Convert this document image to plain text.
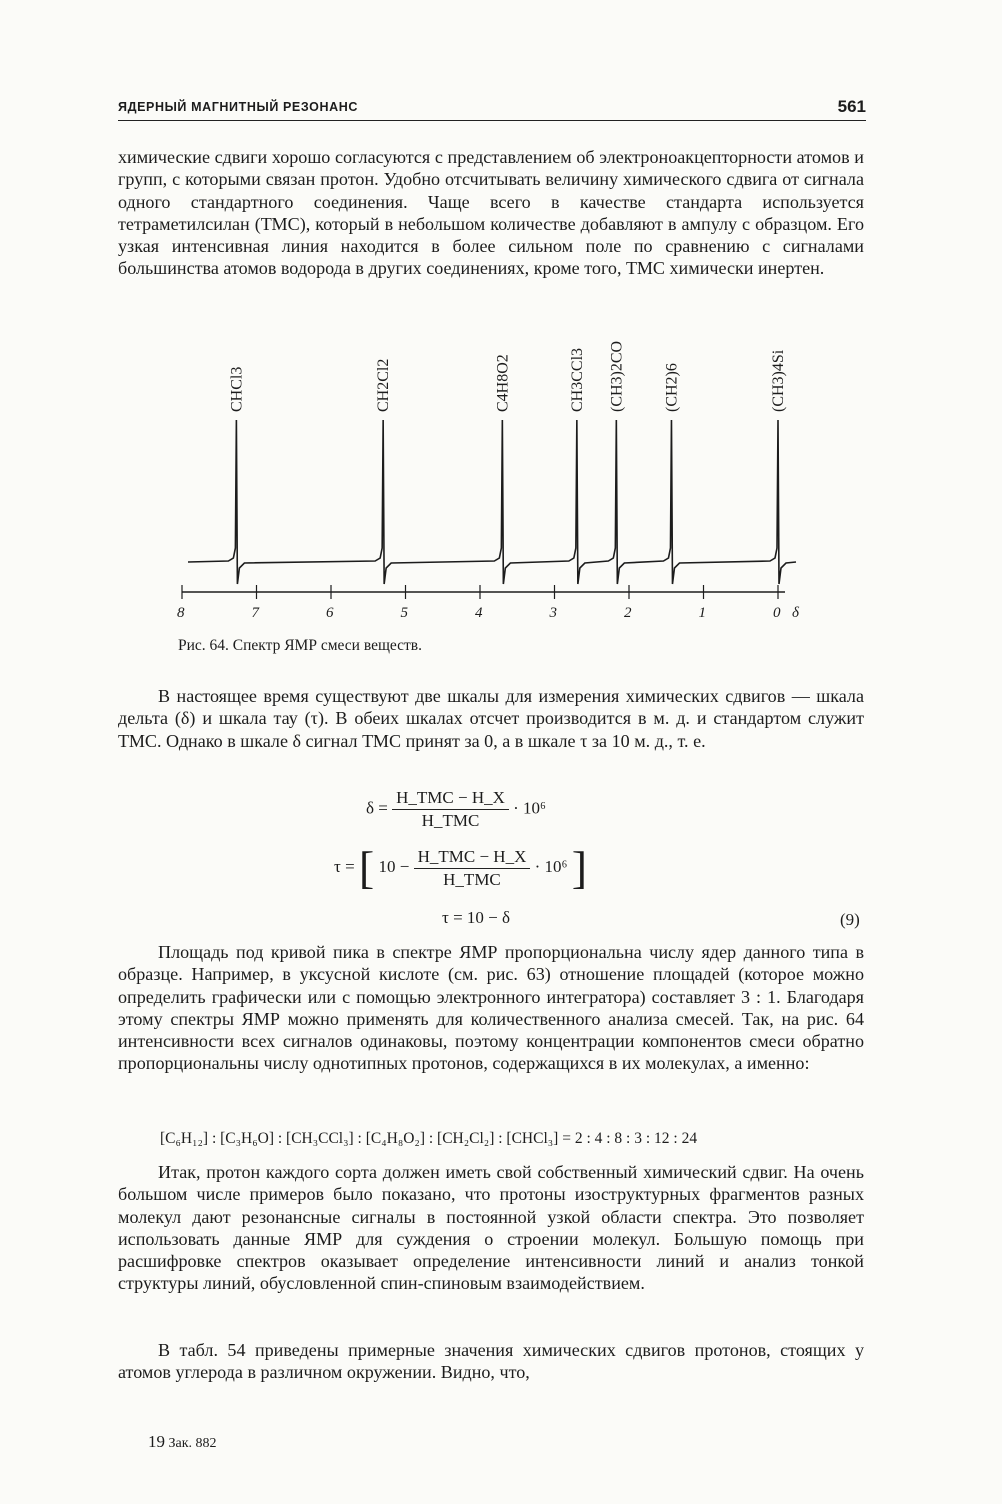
ЯДЕРНЫЙ МАГНИТНЫЙ РЕЗОНАНС	561

химические сдвиги хорошо согласуются с представлением об электроноакцепторности атомов и групп, с которыми связан протон. Удобно отсчитывать величину химического сдвига от сигнала одного стандартного соединения. Чаще всего в качестве стандарта используется тетраметилсилан (ТМС), который в небольшом количестве добавляют в ампулу с образцом. Его узкая интенсивная линия находится в более сильном поле по сравнению с сигналами большинства атомов водорода в других соединениях, кроме того, ТМС химически инертен.

CHCl3	CH2Cl2	C4H8O2	CH3CCl3 (CH3)2CO (CH2)6	(CH3)4Si
8	7	6	5	4	3	2	1	0 δ

Рис. 64. Спектр ЯМР смеси веществ.

В настоящее время существуют две шкалы для измерения химических сдвигов — шкала дельта (δ) и шкала тау (τ). В обеих шкалах отсчет производится в м. д. и стандартом служит ТМС. Однако в шкале δ сигнал ТМС принят за 0, а в шкале τ за 10 м. д., т. е.

$\delta = \frac{\text{H\_TMC − H\_X}}{\text{H\_TMC}} \cdot 10^6$
τ = [ $10 - \frac{\text{H\_TMC − H\_X}}{\text{H\_TMC}} \cdot 10^6$ ]
τ = 10 − δ	(9)

Площадь под кривой пика в спектре ЯМР пропорциональна числу ядер данного типа в образце. Например, в уксусной кислоте (см. рис. 63) отношение площадей (которое можно определить графически или с помощью электронного интегратора) составляет 3 : 1. Благодаря этому спектры ЯМР можно применять для количественного анализа смесей. Так, на рис. 64 интенсивности всех сигналов одинаковы, поэтому концентрации компонентов смеси обратно пропорциональны числу однотипных протонов, содержащихся в их молекулах, а именно:

[C₆H₁₂] : [C₃H₆O] : [CH₃CCl₃] : [C₄H₈O₂] : [CH₂Cl₂] : [CHCl₃] = 2 : 4 : 8 : 3 : 12 : 24

Итак, протон каждого сорта должен иметь свой собственный химический сдвиг. На очень большом числе примеров было показано, что протоны изоструктурных фрагментов разных молекул дают резонансные сигналы в постоянной узкой области спектра. Это позволяет использовать данные ЯМР для суждения о строении молекул. Большую помощь при расшифровке спектров оказывает определение интенсивности линий и анализ тонкой структуры линий, обусловленной спин-спиновым взаимодействием.

В табл. 54 приведены примерные значения химических сдвигов протонов, стоящих у атомов углерода в различном окружении. Видно, что,

19 Зак. 882
